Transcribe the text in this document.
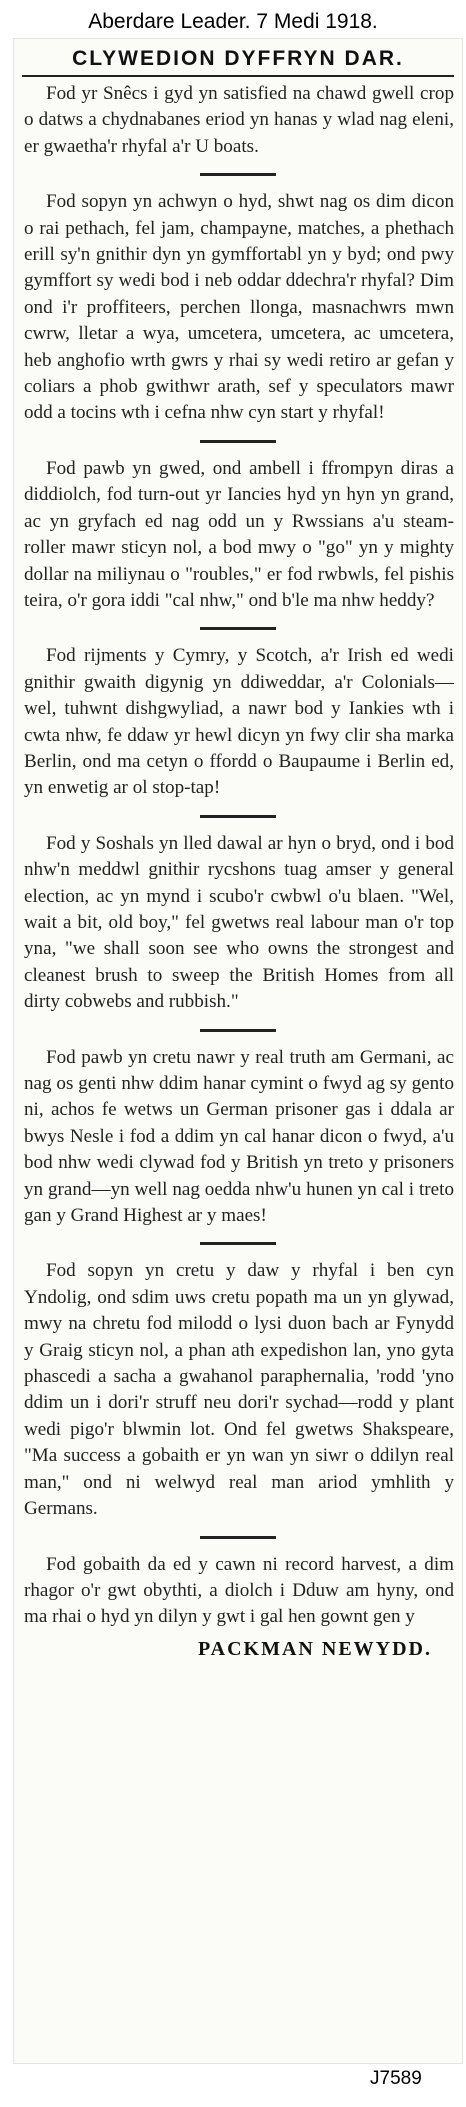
Aberdare Leader. 7 Medi 1918.
CLYWEDION DYFFRYN DAR.

Fod yr Snêcs i gyd yn satisfied na chawd gwell crop o datws a chydnabanes eriod yn hanas y wlad nag eleni, er gwaetha'r rhyfal a'r U boats.

Fod sopyn yn achwyn o hyd, shwt nag os dim dicon o rai pethach, fel jam, champayne, matches, a phethach erill sy'n gnithir dyn yn gymffortabl yn y byd; ond pwy gymffort sy wedi bod i neb oddar ddechra'r rhyfal? Dim ond i'r proffiteers, perchen llonga, masnachwrs mwn cwrw, lletar a wya, umcetera, umcetera, ac umcetera, heb anghofio wrth gwrs y rhai sy wedi retiro ar gefan y coliars a phob gwithwr arath, sef y speculators mawr odd a tocins wth i cefna nhw cyn start y rhyfal!

Fod pawb yn gwed, ond ambell i ffrompyn diras a diddiolch, fod turn-out yr Iancies hyd yn hyn yn grand, ac yn gryfach ed nag odd un y Rwssians a'u steam-roller mawr sticyn nol, a bod mwy o "go" yn y mighty dollar na miliynau o "roubles," er fod rwbwls, fel pishis teira, o'r gora iddi "cal nhw," ond b'le ma nhw heddy?

Fod rijments y Cymry, y Scotch, a'r Irish ed wedi gnithir gwaith digynig yn ddiweddar, a'r Colonials—wel, tuhwnt dishgwyliad, a nawr bod y Iankies wth i cwta nhw, fe ddaw yr hewl dicyn yn fwy clir sha marka Berlin, ond ma cetyn o ffordd o Baupaume i Berlin ed, yn enwetig ar ol stop-tap!

Fod y Soshals yn lled dawal ar hyn o bryd, ond i bod nhw'n meddwl gnithir rycshons tuag amser y general election, ac yn mynd i scubo'r cwbwl o'u blaen. "Wel, wait a bit, old boy," fel gwetws real labour man o'r top yna, "we shall soon see who owns the strongest and cleanest brush to sweep the British Homes from all dirty cobwebs and rubbish."

Fod pawb yn cretu nawr y real truth am Germani, ac nag os genti nhw ddim hanar cymint o fwyd ag sy gento ni, achos fe wetws un German prisoner gas i ddala ar bwys Nesle i fod a ddim yn cal hanar dicon o fwyd, a'u bod nhw wedi clywad fod y British yn treto y prisoners yn grand—yn well nag oedda nhw'u hunen yn cal i treto gan y Grand Highest ar y maes!

Fod sopyn yn cretu y daw y rhyfal i ben cyn Yndolig, ond sdim uws cretu popath ma un yn glywad, mwy na chretu fod milodd o lysi duon bach ar Fynydd y Graig sticyn nol, a phan ath expedishon lan, yno gyta phascedi a sacha a gwahanol paraphernalia, 'rodd 'yno ddim un i dori'r struff neu dori'r sychad—rodd y plant wedi pigo'r blwmin lot. Ond fel gwetws Shakspeare, "Ma success a gobaith er yn wan yn siwr o ddilyn real man," ond ni welwyd real man ariod ymhlith y Germans.

Fod gobaith da ed y cawn ni record harvest, a dim rhagor o'r gwt obythti, a diolch i Dduw am hyny, ond ma rhai o hyd yn dilyn y gwt i gal hen gownt gen y

PACKMAN NEWYDD.
J7589
